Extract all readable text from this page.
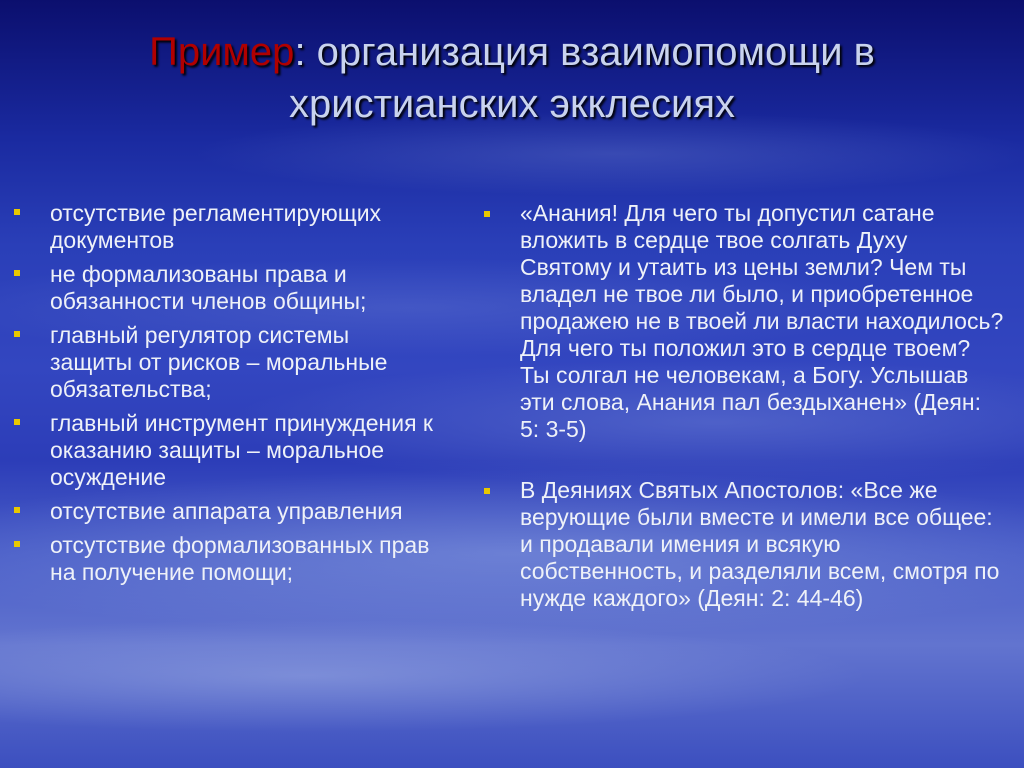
Пример: организация взаимопомощи в
христианских экклесиях
отсутствие регламентирующих документов
не формализованы права и обязанности членов общины;
главный регулятор системы защиты от рисков – моральные обязательства;
главный инструмент принуждения к оказанию защиты – моральное осуждение
отсутствие аппарата управления
отсутствие формализованных прав на получение помощи;
«Анания! Для чего ты допустил сатане вложить в сердце твое солгать Духу Святому и утаить из цены земли? Чем ты владел не твое ли было, и приобретенное продажею не в твоей ли власти находилось? Для чего ты положил это в сердце твоем? Ты солгал не человекам, а Богу. Услышав эти слова, Анания пал бездыханен» (Деян: 5: 3-5)
В Деяниях Святых Апостолов: «Все же верующие были вместе и имели все общее: и продавали имения и всякую собственность, и разделяли всем, смотря по нужде каждого» (Деян: 2: 44-46)
